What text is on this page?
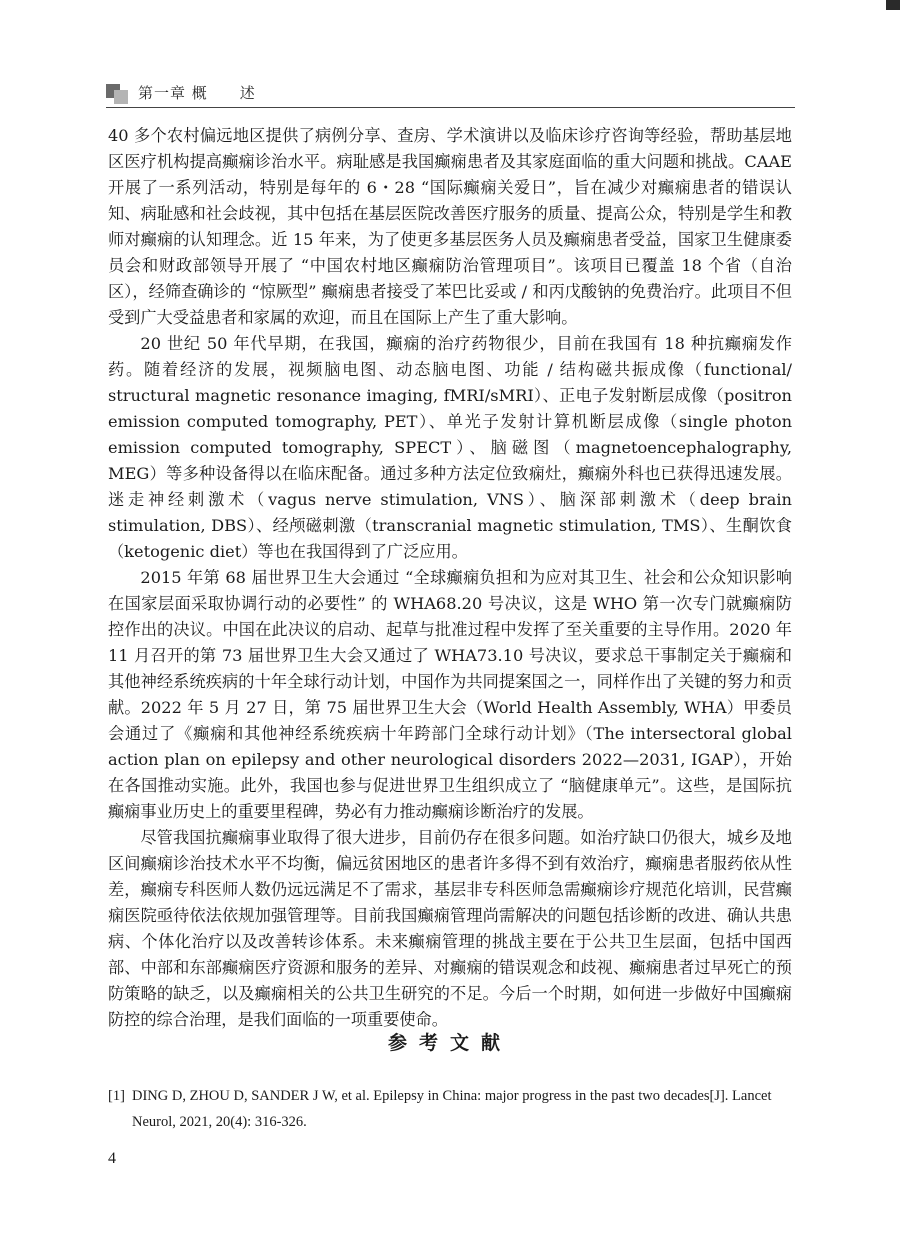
第一章 概　　述

40 多个农村偏远地区提供了病例分享、查房、学术演讲以及临床诊疗咨询等经验，帮助基层地区医疗机构提高癫痫诊治水平。病耻感是我国癫痫患者及其家庭面临的重大问题和挑战。CAAE 开展了一系列活动，特别是每年的 6・28 “国际癫痫关爱日”，旨在减少对癫痫患者的错误认知、病耻感和社会歧视，其中包括在基层医院改善医疗服务的质量、提高公众，特别是学生和教师对癫痫的认知理念。近 15 年来，为了使更多基层医务人员及癫痫患者受益，国家卫生健康委员会和财政部领导开展了 “中国农村地区癫痫防治管理项目”。该项目已覆盖 18 个省（自治区），经筛查确诊的 “惊厥型” 癫痫患者接受了苯巴比妥或 / 和丙戊酸钠的免费治疗。此项目不但受到广大受益患者和家属的欢迎，而且在国际上产生了重大影响。

20 世纪 50 年代早期，在我国，癫痫的治疗药物很少，目前在我国有 18 种抗癫痫发作药。随着经济的发展，视频脑电图、动态脑电图、功能 / 结构磁共振成像（functional/ structural magnetic resonance imaging, fMRI/sMRI）、正电子发射断层成像（positron emission computed tomography, PET）、单光子发射计算机断层成像（single photon emission computed tomography, SPECT）、脑磁图（magnetoencephalography, MEG）等多种设备得以在临床配备。通过多种方法定位致痫灶，癫痫外科也已获得迅速发展。迷走神经刺激术（vagus nerve stimulation, VNS）、脑深部刺激术（deep brain stimulation, DBS）、经颅磁刺激（transcranial magnetic stimulation, TMS）、生酮饮食（ketogenic diet）等也在我国得到了广泛应用。

2015 年第 68 届世界卫生大会通过 “全球癫痫负担和为应对其卫生、社会和公众知识影响在国家层面采取协调行动的必要性” 的 WHA68.20 号决议，这是 WHO 第一次专门就癫痫防控作出的决议。中国在此决议的启动、起草与批准过程中发挥了至关重要的主导作用。2020 年 11 月召开的第 73 届世界卫生大会又通过了 WHA73.10 号决议，要求总干事制定关于癫痫和其他神经系统疾病的十年全球行动计划，中国作为共同提案国之一，同样作出了关键的努力和贡献。2022 年 5 月 27 日，第 75 届世界卫生大会（World Health Assembly, WHA）甲委员会通过了《癫痫和其他神经系统疾病十年跨部门全球行动计划》（The intersectoral global action plan on epilepsy and other neurological disorders 2022—2031, IGAP），开始在各国推动实施。此外，我国也参与促进世界卫生组织成立了 “脑健康单元”。这些，是国际抗癫痫事业历史上的重要里程碑，势必有力推动癫痫诊断治疗的发展。

尽管我国抗癫痫事业取得了很大进步，目前仍存在很多问题。如治疗缺口仍很大，城乡及地区间癫痫诊治技术水平不均衡，偏远贫困地区的患者许多得不到有效治疗，癫痫患者服药依从性差，癫痫专科医师人数仍远远满足不了需求，基层非专科医师急需癫痫诊疗规范化培训，民营癫痫医院亟待依法依规加强管理等。目前我国癫痫管理尚需解决的问题包括诊断的改进、确认共患病、个体化治疗以及改善转诊体系。未来癫痫管理的挑战主要在于公共卫生层面，包括中国西部、中部和东部癫痫医疗资源和服务的差异、对癫痫的错误观念和歧视、癫痫患者过早死亡的预防策略的缺乏，以及癫痫相关的公共卫生研究的不足。今后一个时期，如何进一步做好中国癫痫防控的综合治理，是我们面临的一项重要使命。

参考文献
[1] DING D, ZHOU D, SANDER J W, et al. Epilepsy in China: major progress in the past two decades[J]. Lancet Neurol, 2021, 20(4): 316-326.
4
